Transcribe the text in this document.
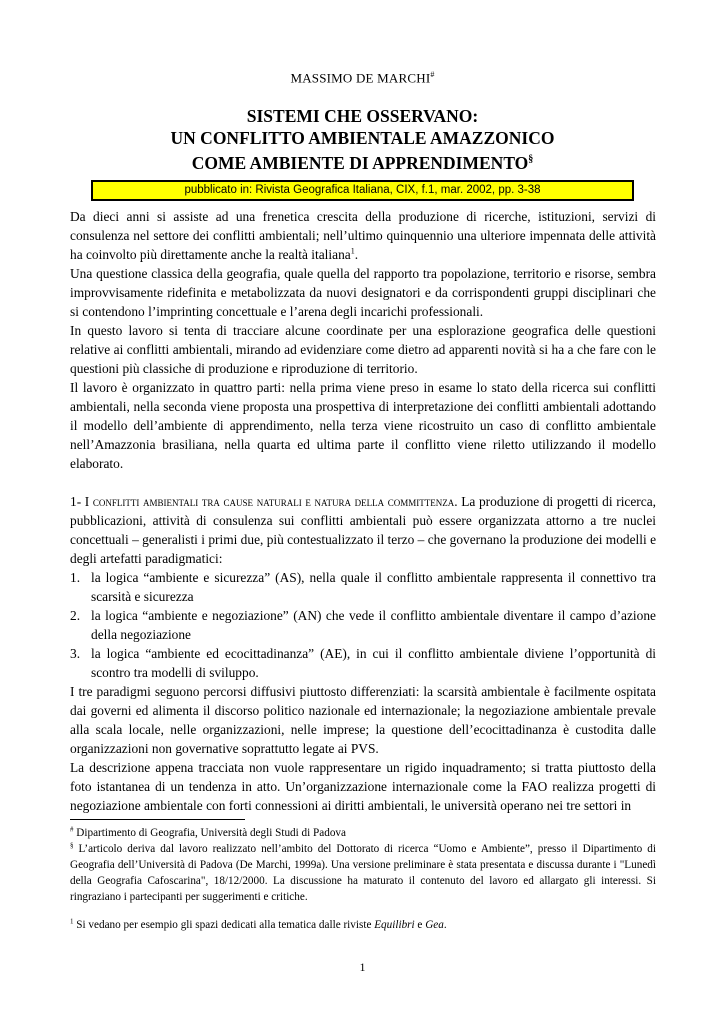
MASSIMO DE MARCHI#
SISTEMI CHE OSSERVANO:
UN CONFLITTO AMBIENTALE AMAZZONICO
COME AMBIENTE DI APPRENDIMENTO§
pubblicato in: Rivista Geografica Italiana, CIX, f.1, mar. 2002, pp. 3-38

Da dieci anni si assiste ad una frenetica crescita della produzione di ricerche, istituzioni, servizi di consulenza nel settore dei conflitti ambientali; nell’ultimo quinquennio una ulteriore impennata delle attività ha coinvolto più direttamente anche la realtà italiana$^1$.

Una questione classica della geografia, quale quella del rapporto tra popolazione, territorio e risorse, sembra improvvisamente ridefinita e metabolizzata da nuovi designatori e da corrispondenti gruppi disciplinari che si contendono l’imprinting concettuale e l’arena degli incarichi professionali.

In questo lavoro si tenta di tracciare alcune coordinate per una esplorazione geografica delle questioni relative ai conflitti ambientali, mirando ad evidenziare come dietro ad apparenti novità si ha a che fare con le questioni più classiche di produzione e riproduzione di territorio.

Il lavoro è organizzato in quattro parti: nella prima viene preso in esame lo stato della ricerca sui conflitti ambientali, nella seconda viene proposta una prospettiva di interpretazione dei conflitti ambientali adottando il modello dell’ambiente di apprendimento, nella terza viene ricostruito un caso di conflitto ambientale nell’Amazzonia brasiliana, nella quarta ed ultima parte il conflitto viene riletto utilizzando il modello elaborato.

1- I conflitti ambientali tra cause naturali e natura della committenza. La produzione di progetti di ricerca, pubblicazioni, attività di consulenza sui conflitti ambientali può essere organizzata attorno a tre nuclei concettuali – generalisti i primi due, più contestualizzato il terzo – che governano la produzione dei modelli e degli artefatti paradigmatici:

1. la logica “ambiente e sicurezza” (AS), nella quale il conflitto ambientale rappresenta il connettivo tra scarsità e sicurezza
2. la logica “ambiente e negoziazione” (AN) che vede il conflitto ambientale diventare il campo d’azione della negoziazione
3. la logica “ambiente ed ecocittadinanza” (AE), in cui il conflitto ambientale diviene l’opportunità di scontro tra modelli di sviluppo.

I tre paradigmi seguono percorsi diffusivi piuttosto differenziati: la scarsità ambientale è facilmente ospitata dai governi ed alimenta il discorso politico nazionale ed internazionale; la negoziazione ambientale prevale alla scala locale, nelle organizzazioni, nelle imprese; la questione dell’ecocittadinanza è custodita dalle organizzazioni non governative soprattutto legate ai PVS.

La descrizione appena tracciata non vuole rappresentare un rigido inquadramento; si tratta piuttosto della foto istantanea di un tendenza in atto. Un’organizzazione internazionale come la FAO realizza progetti di negoziazione ambientale con forti connessioni ai diritti ambientali, le università operano nei tre settori in

# Dipartimento di Geografia, Università degli Studi di Padova

§ L’articolo deriva dal lavoro realizzato nell’ambito del Dottorato di ricerca “Uomo e Ambiente”, presso il Dipartimento di Geografia dell’Università di Padova (De Marchi, 1999a). Una versione preliminare è stata presentata e discussa durante i "Lunedì della Geografia Cafoscarina", 18/12/2000. La discussione ha maturato il contenuto del lavoro ed allargato gli interessi. Si ringraziano i partecipanti per suggerimenti e critiche.

$^1$ Si vedano per esempio gli spazi dedicati alla tematica dalle riviste Equilibri e Gea.

1
